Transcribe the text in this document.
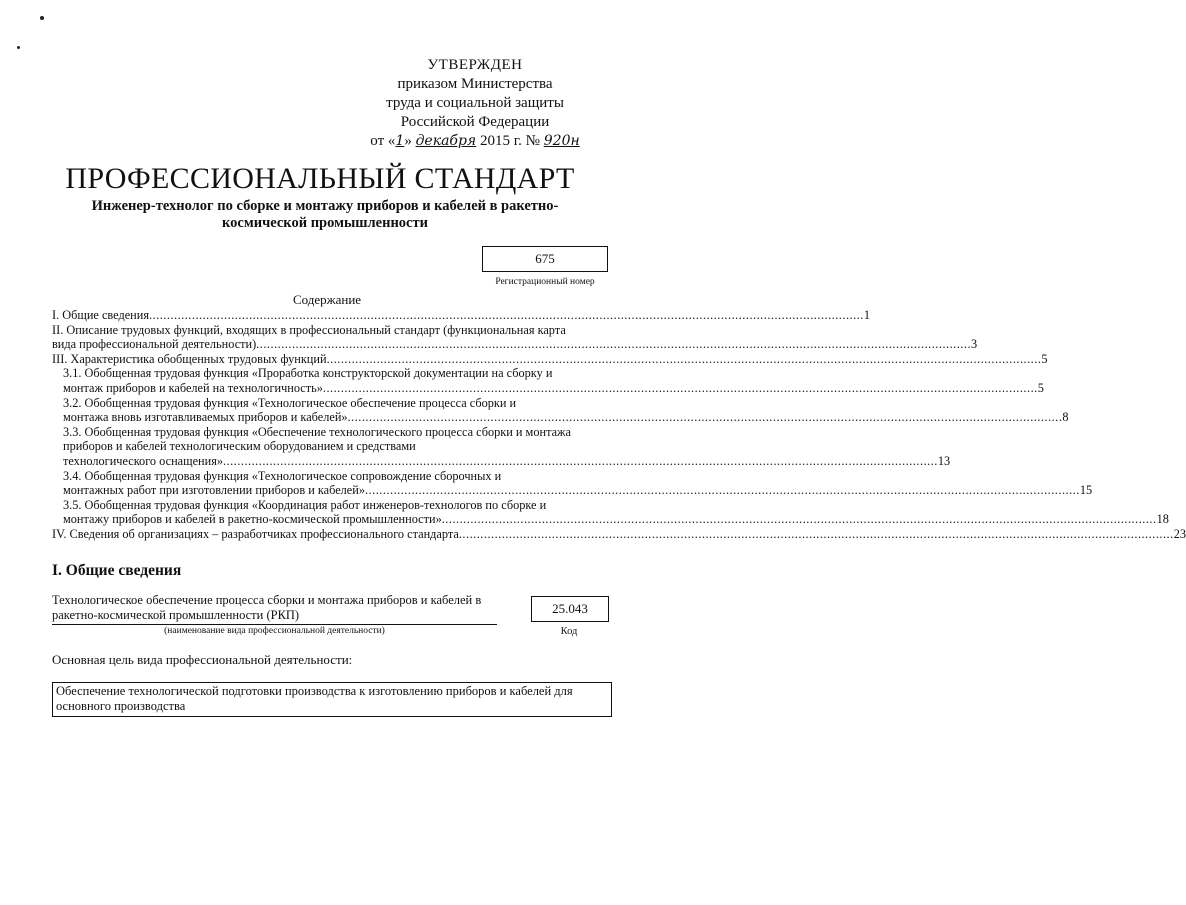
УТВЕРЖДЕН
приказом Министерства
труда и социальной защиты
Российской Федерации
от «1» декабря 2015 г. № 920н
ПРОФЕССИОНАЛЬНЫЙ СТАНДАРТ
Инженер-технолог по сборке и монтажу приборов и кабелей в ракетно-космической промышленности
675
Регистрационный номер
Содержание
I. Общие сведения ........................................................................................................................................................................................................ 1
II. Описание трудовых функций, входящих в профессиональный стандарт (функциональная карта
вида профессиональной деятельности) ........................................................................................................................................................................................................ 3
III. Характеристика обобщенных трудовых функций ........................................................................................................................................................................................................ 5
3.1. Обобщенная трудовая функция «Проработка конструкторской документации на сборку и
монтаж приборов и кабелей на технологичность» ........................................................................................................................................................................................................ 5
3.2. Обобщенная трудовая функция «Технологическое обеспечение процесса сборки и
монтажа вновь изготавливаемых приборов и кабелей» ........................................................................................................................................................................................................ 8
3.3. Обобщенная трудовая функция «Обеспечение технологического процесса сборки и монтажа приборов и кабелей технологическим оборудованием и средствами
технологического оснащения» ........................................................................................................................................................................................................ 13
3.4. Обобщенная трудовая функция «Технологическое сопровождение сборочных и
монтажных работ при изготовлении приборов и кабелей» ........................................................................................................................................................................................................ 15
3.5. Обобщенная трудовая функция «Координация работ инженеров-технологов по сборке и
монтажу приборов и кабелей в ракетно-космической промышленности» ........................................................................................................................................................................................................ 18
IV. Сведения об организациях – разработчиках профессионального стандарта ........................................................................................................................................................................................................ 23
I. Общие сведения
Технологическое обеспечение процесса сборки и монтажа приборов и кабелей в ракетно-космической промышленности (РКП)
(наименование вида профессиональной деятельности)
25.043
Код
Основная цель вида профессиональной деятельности:
Обеспечение технологической подготовки производства к изготовлению приборов и кабелей для основного производства
